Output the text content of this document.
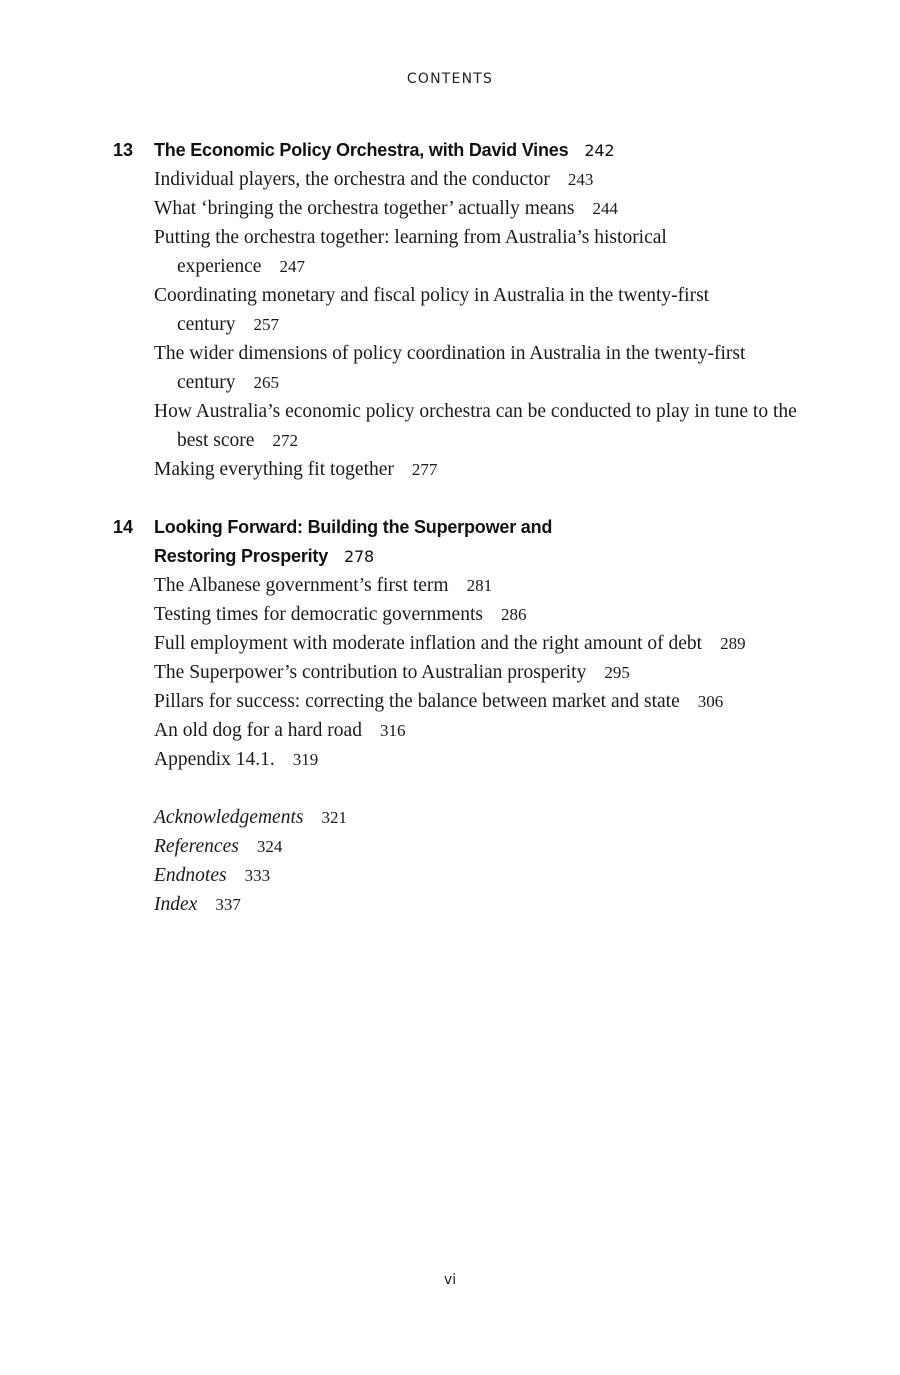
CONTENTS
13	The Economic Policy Orchestra, with David Vines 242
Individual players, the orchestra and the conductor 243
What ‘bringing the orchestra together’ actually means 244
Putting the orchestra together: learning from Australia’s historical experience 247
Coordinating monetary and fiscal policy in Australia in the twenty-first century 257
The wider dimensions of policy coordination in Australia in the twenty-first century 265
How Australia’s economic policy orchestra can be conducted to play in tune to the best score 272
Making everything fit together 277
14	Looking Forward: Building the Superpower and
Restoring Prosperity 278
The Albanese government’s first term 281
Testing times for democratic governments 286
Full employment with moderate inflation and the right amount of debt 289
The Superpower’s contribution to Australian prosperity 295
Pillars for success: correcting the balance between market and state 306
An old dog for a hard road 316
Appendix 14.1. 319
Acknowledgements 321
References 324
Endnotes 333
Index 337
vi
